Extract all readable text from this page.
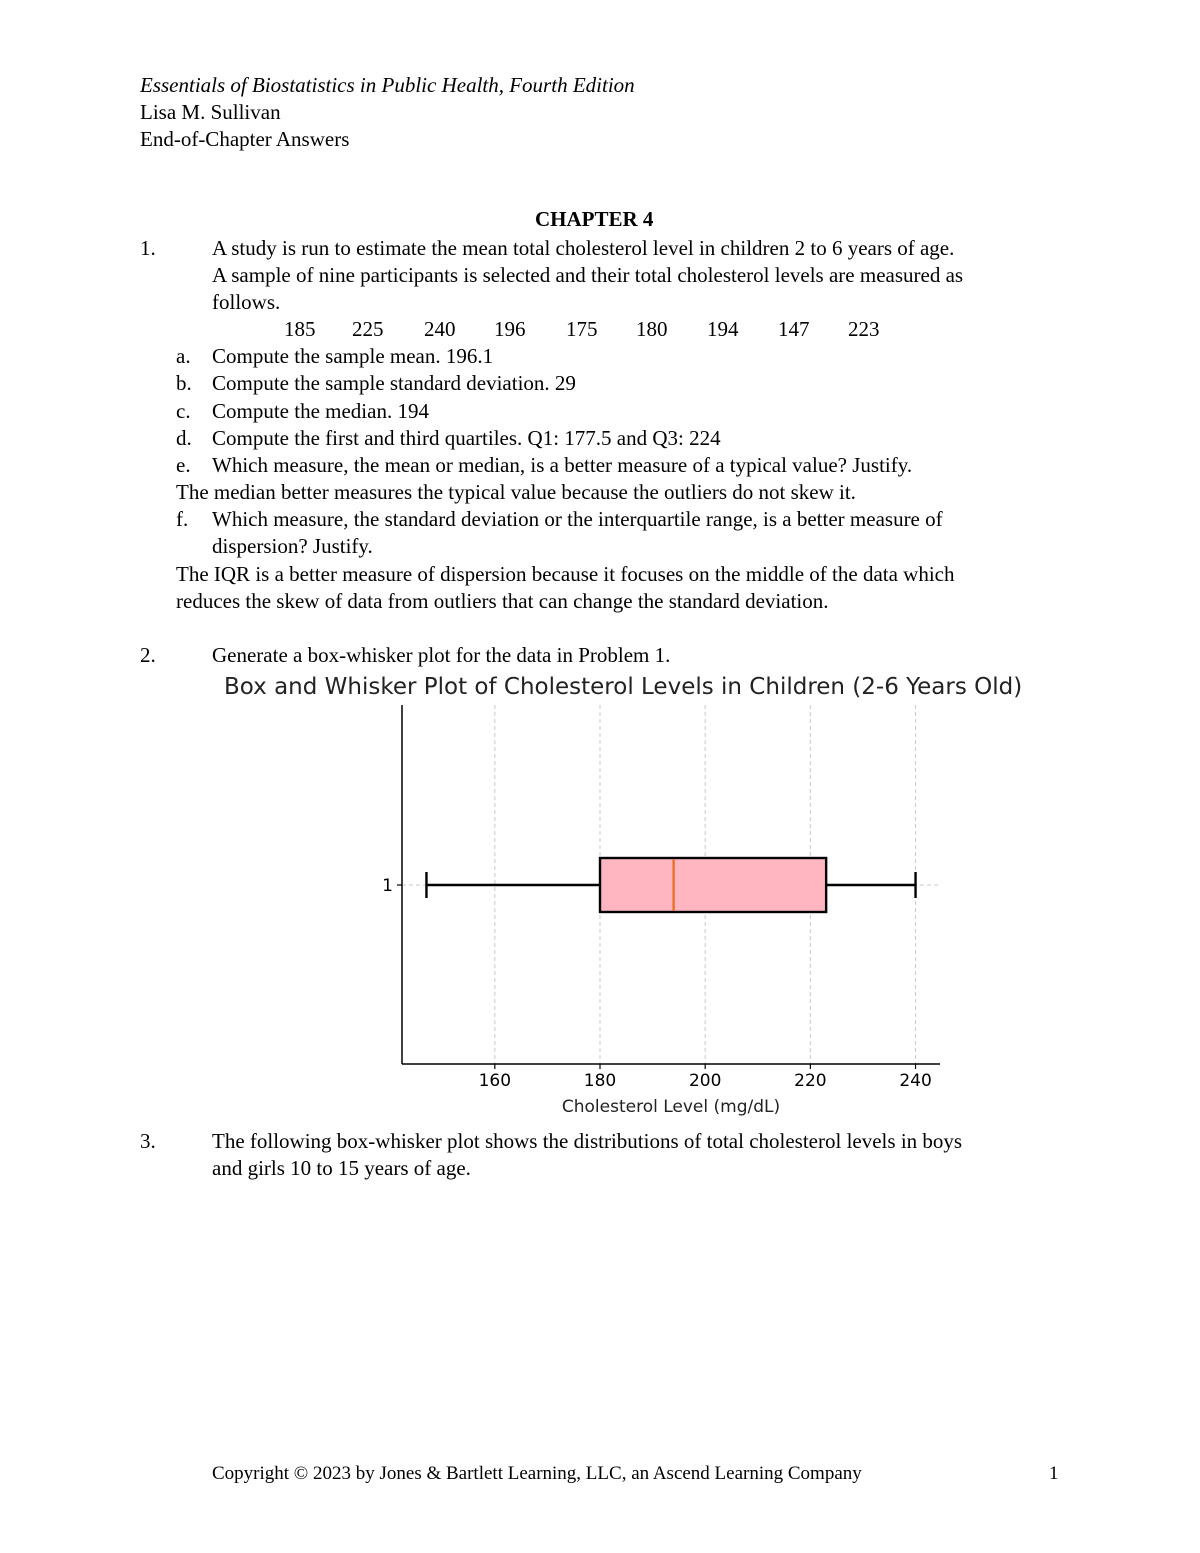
Essentials of Biostatistics in Public Health, Fourth Edition
Lisa M. Sullivan
End-of-Chapter Answers
CHAPTER 4
1.	A study is run to estimate the mean total cholesterol level in children 2 to 6 years of age.
A sample of nine participants is selected and their total cholesterol levels are measured as
follows.
185 225 240 196 175 180 194 147 223
a. Compute the sample mean. 196.1
b. Compute the sample standard deviation. 29
c. Compute the median. 194
d. Compute the first and third quartiles. Q1: 177.5 and Q3: 224
e. Which measure, the mean or median, is a better measure of a typical value? Justify.
The median better measures the typical value because the outliers do not skew it.
f. Which measure, the standard deviation or the interquartile range, is a better measure of
dispersion? Justify.
The IQR is a better measure of dispersion because it focuses on the middle of the data which
reduces the skew of data from outliers that can change the standard deviation.
2.	Generate a box-whisker plot for the data in Problem 1.
Box and Whisker Plot of Cholesterol Levels in Children (2-6 Years Old)
160	180	200	220	240
1
Cholesterol Level (mg/dL)
3.	The following box-whisker plot shows the distributions of total cholesterol levels in boys
and girls 10 to 15 years of age.
Copyright © 2023 by Jones & Bartlett Learning, LLC, an Ascend Learning Company	1
